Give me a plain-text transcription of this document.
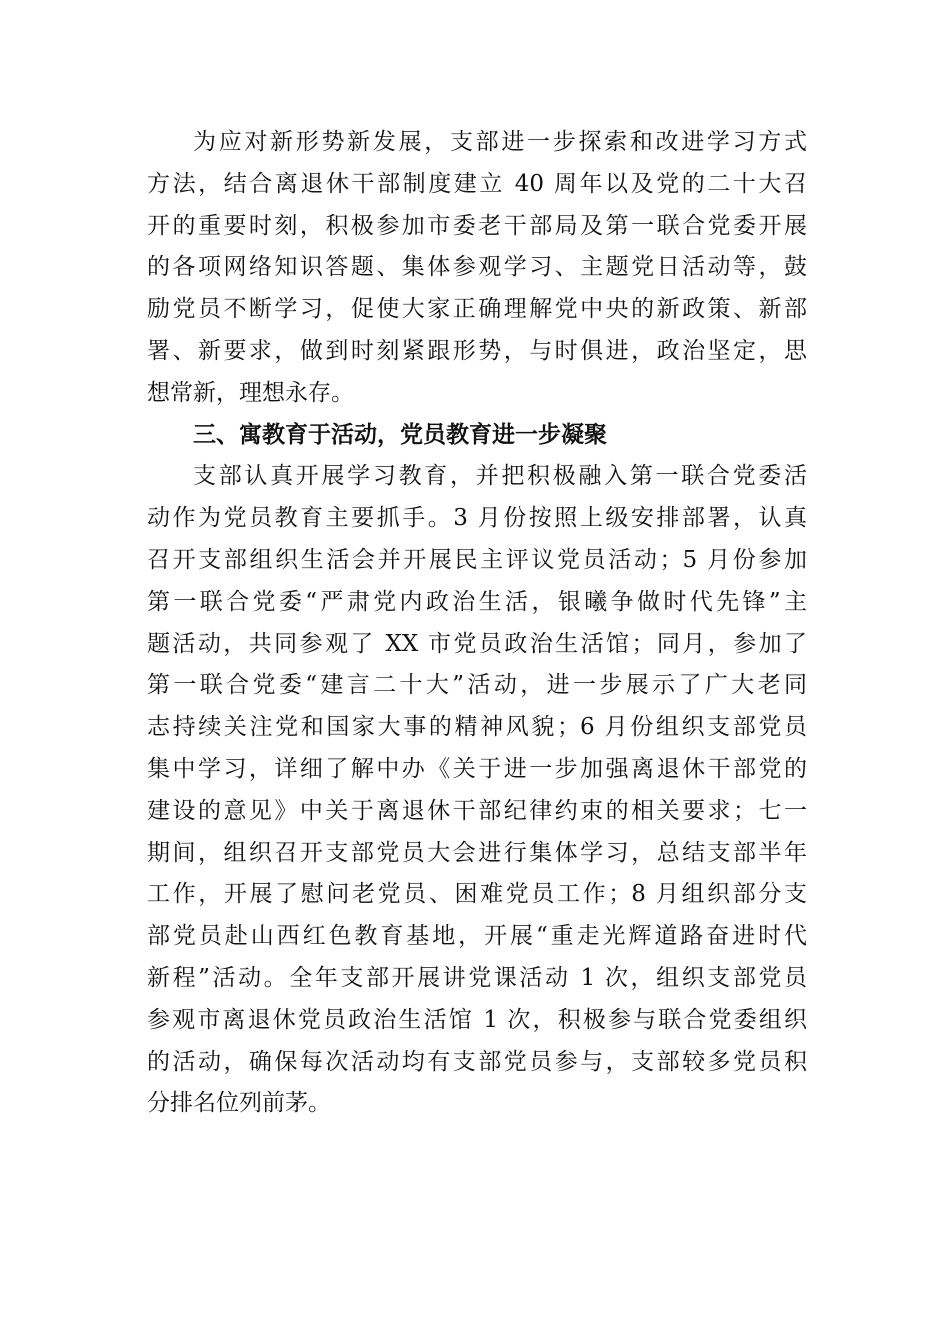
为应对新形势新发展，支部进一步探索和改进学习方式
方法，结合离退休干部制度建立 40 周年以及党的二十大召
开的重要时刻，积极参加市委老干部局及第一联合党委开展
的各项网络知识答题、集体参观学习、主题党日活动等，鼓
励党员不断学习，促使大家正确理解党中央的新政策、新部
署、新要求，做到时刻紧跟形势，与时俱进，政治坚定，思
想常新，理想永存。
三、寓教育于活动，党员教育进一步凝聚
支部认真开展学习教育，并把积极融入第一联合党委活
动作为党员教育主要抓手。3 月份按照上级安排部署，认真
召开支部组织生活会并开展民主评议党员活动；5 月份参加
第一联合党委“严肃党内政治生活，银曦争做时代先锋”主
题活动，共同参观了 XX 市党员政治生活馆；同月，参加了
第一联合党委“建言二十大”活动，进一步展示了广大老同
志持续关注党和国家大事的精神风貌；6 月份组织支部党员
集中学习，详细了解中办《关于进一步加强离退休干部党的
建设的意见》中关于离退休干部纪律约束的相关要求；七一
期间，组织召开支部党员大会进行集体学习，总结支部半年
工作，开展了慰问老党员、困难党员工作；8 月组织部分支
部党员赴山西红色教育基地，开展“重走光辉道路奋进时代
新程”活动。全年支部开展讲党课活动 1 次，组织支部党员
参观市离退休党员政治生活馆 1 次，积极参与联合党委组织
的活动，确保每次活动均有支部党员参与，支部较多党员积
分排名位列前茅。
